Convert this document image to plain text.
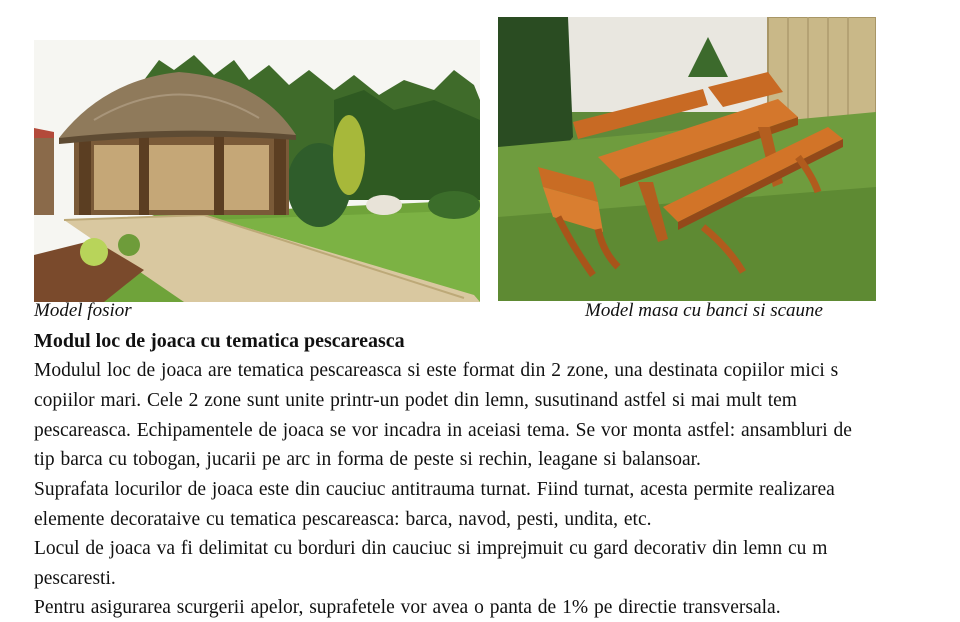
Model fosior	Model masa cu banci si scaune
Modul loc de joaca cu tematica pescareasca
Modulul loc de joaca are tematica pescareasca si este format din 2 zone, una destinata copiilor mici s
copiilor mari. Cele 2 zone sunt unite printr-un podet din lemn, susutinand astfel si mai mult tem
pescareasca. Echipamentele de joaca se vor incadra in aceiasi tema. Se vor monta astfel: ansambluri de
tip barca cu tobogan, jucarii pe arc in forma de peste si rechin, leagane si balansoar.
Suprafata locurilor de joaca este din cauciuc antitrauma turnat. Fiind turnat, acesta permite realizarea
elemente decorataive cu tematica pescareasca: barca, navod, pesti, undita, etc.
Locul de joaca va fi delimitat cu borduri din cauciuc si imprejmuit cu gard decorativ din lemn cu m
pescaresti.
Pentru asigurarea scurgerii apelor, suprafetele vor avea o panta de 1% pe directie transversala.
